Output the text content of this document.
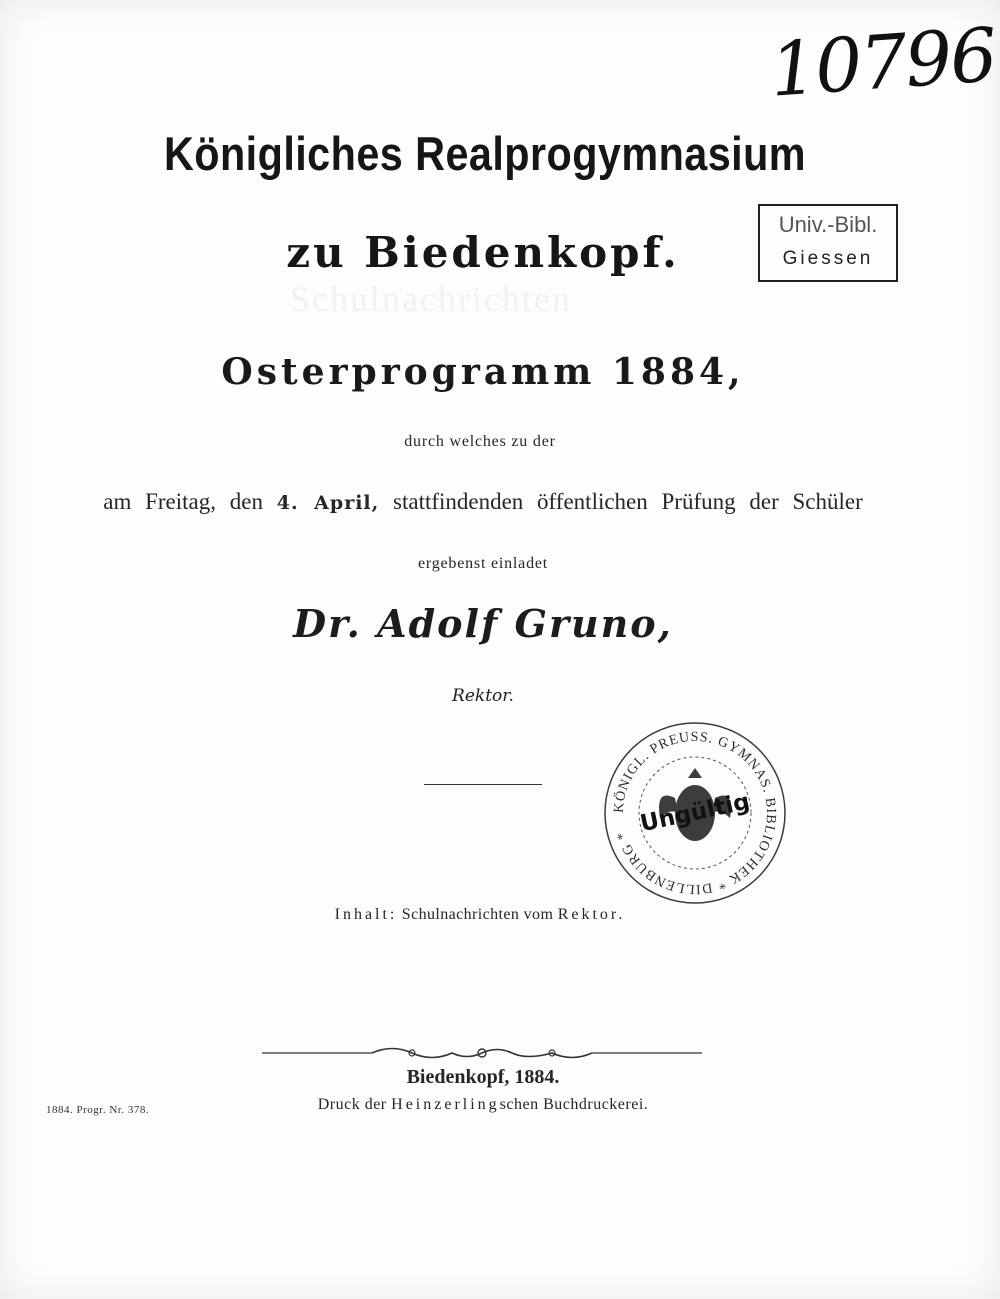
Schulnachrichten
10796
Univ.-Bibl.
Giessen
Königliches Realprogymnasium
zu Biedenkopf.
Osterprogramm 1884,
durch welches zu der
am Freitag, den 4. April, stattfindenden öffentlichen Prüfung der Schüler
ergebenst einladet
Dr. Adolf Gruno,
Rektor.
KÖNIGL. PREUSS. GYMNAS. BIBLIOTHEK * DILLENBURG * Ungültig
Inhalt: Schulnachrichten vom Rektor.
Biedenkopf, 1884.
Druck der Heinzerlingschen Buchdruckerei.
1884. Progr. Nr. 378.
